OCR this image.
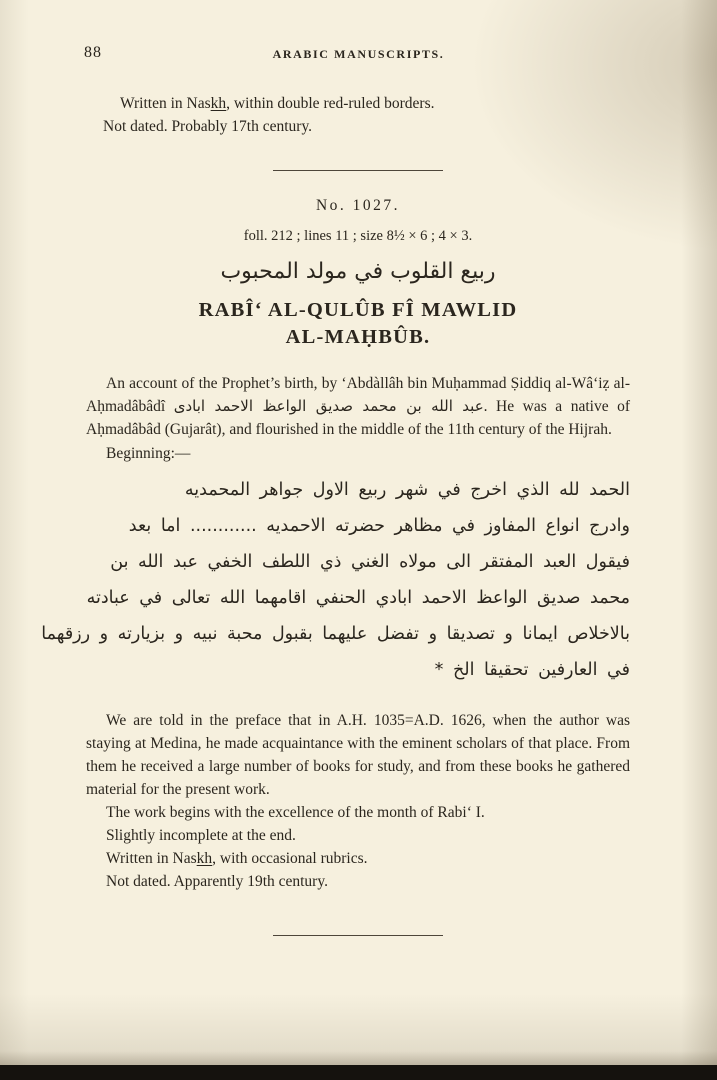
88	ARABIC MANUSCRIPTS.

Written in Naskh, within double red-ruled borders.

Not dated. Probably 17th century.

No. 1027.

foll. 212 ; lines 11 ; size 8½ × 6 ; 4 × 3.

ربيع القلوب في مولد المحبوب

RABÎ‘ AL-QULÛB FÎ MAWLID
AL-MAḤBÛB.

An account of the Prophet’s birth, by ‘Abdàllâh bin Muḥammad Ṣiddiq al-Wâ‘iẓ al-Aḥmadâbâdî عبد الله بن محمد صديق الواعظ الاحمد ابادى. He was a native of Aḥmadâbâd (Gujarât), and flourished in the middle of the 11th century of the Hijrah.

Beginning:—

الحمد لله الذي اخرج في شهر ربيع الاول جواهر المحمديه
وادرج انواع المفاوز في مظاهر حضرته الاحمديه ............ اما بعد
فيقول العبد المفتقر الى مولاه الغني ذي اللطف الخفي عبد الله بن
محمد صديق الواعظ الاحمد ابادي الحنفي اقامهما الله تعالى في عبادته
بالاخلاص ايمانا و تصديقا و تفضل عليهما بقبول محبة نبيه و بزيارته و رزقهما
في العارفين تحقيقا الخ *

We are told in the preface that in A.H. 1035=A.D. 1626, when the author was staying at Medina, he made acquaintance with the eminent scholars of that place. From them he received a large number of books for study, and from these books he gathered material for the present work.

The work begins with the excellence of the month of Rabi‘ I.

Slightly incomplete at the end.

Written in Naskh, with occasional rubrics.

Not dated. Apparently 19th century.
